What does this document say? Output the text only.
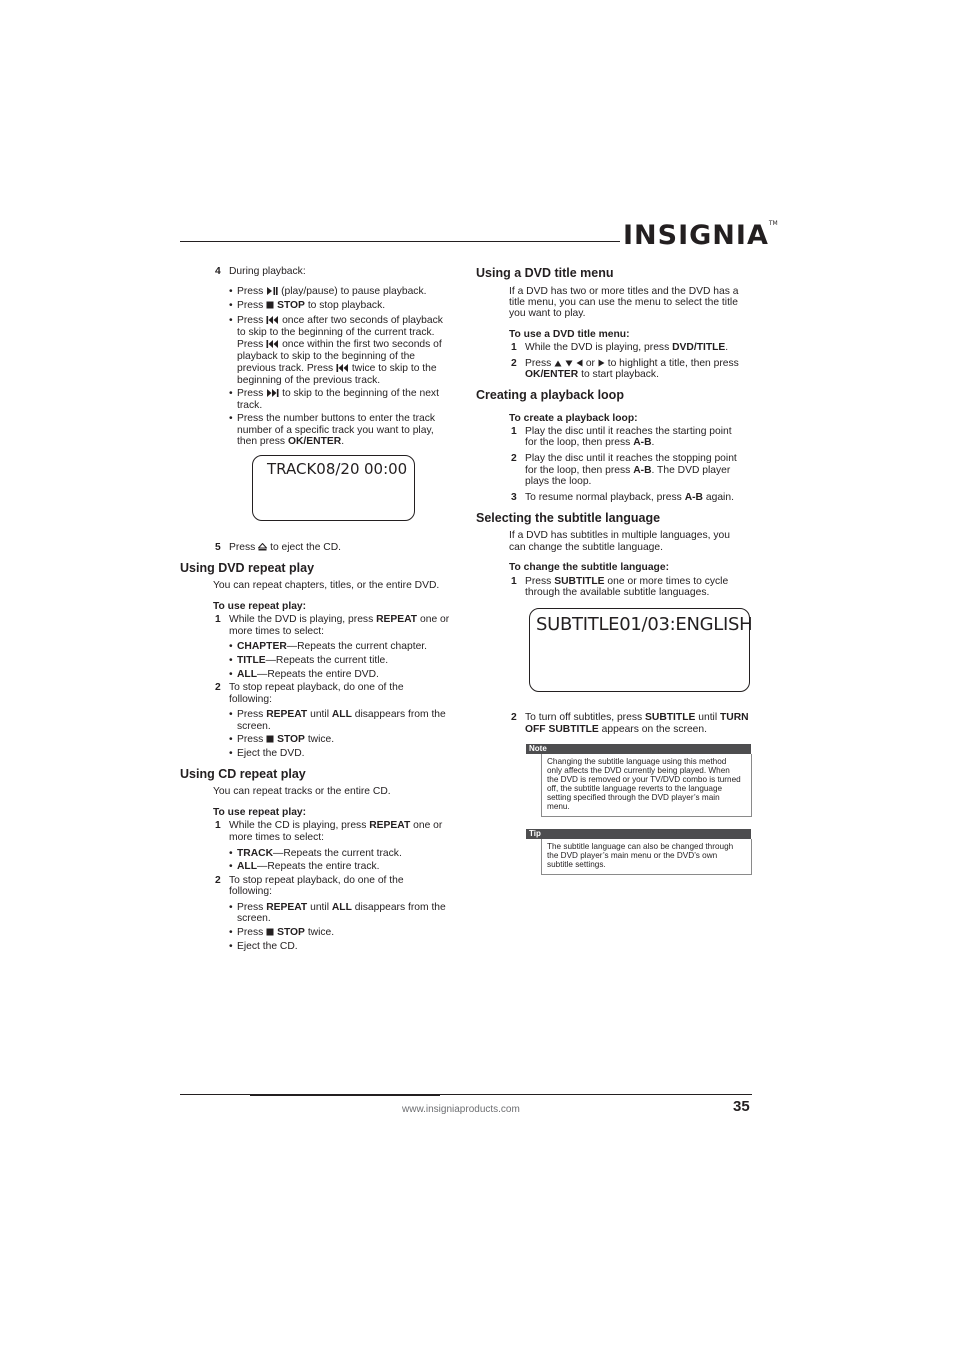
INSIGNIA™
4 During playback:
• Press (play/pause) to pause playback.
• Press STOP to stop playback.
• Press once after two seconds of playback
to skip to the beginning of the current track.
Press once within the first two seconds of
playback to skip to the beginning of the
previous track. Press twice to skip to the
beginning of the previous track.
• Press to skip to the beginning of the next
track.
• Press the number buttons to enter the track
number of a specific track you want to play,
then press OK/ENTER.
TRACK08/20 00:00
5 Press to eject the CD.
Using DVD repeat play
You can repeat chapters, titles, or the entire DVD.
To use repeat play:
1 While the DVD is playing, press REPEAT one or
more times to select:
• CHAPTER—Repeats the current chapter.
• TITLE—Repeats the current title.
• ALL—Repeats the entire DVD.
2 To stop repeat playback, do one of the
following:
• Press REPEAT until ALL disappears from the
screen.
• Press STOP twice.
• Eject the DVD.
Using CD repeat play
You can repeat tracks or the entire CD.
To use repeat play:
1 While the CD is playing, press REPEAT one or
more times to select:
• TRACK—Repeats the current track.
• ALL—Repeats the entire track.
2 To stop repeat playback, do one of the
following:
• Press REPEAT until ALL disappears from the
screen.
• Press STOP twice.
• Eject the CD.
Using a DVD title menu
If a DVD has two or more titles and the DVD has a
title menu, you can use the menu to select the title
you want to play.
To use a DVD title menu:
1 While the DVD is playing, press DVD/TITLE.
2 Press	or to highlight a title, then press
OK/ENTER to start playback.
Creating a playback loop
To create a playback loop:
1 Play the disc until it reaches the starting point
for the loop, then press A-B.
2 Play the disc until it reaches the stopping point
for the loop, then press A-B. The DVD player
plays the loop.
3 To resume normal playback, press A-B again.
Selecting the subtitle language
If a DVD has subtitles in multiple languages, you
can change the subtitle language.
To change the subtitle language:
1 Press SUBTITLE one or more times to cycle
through the available subtitle languages.
SUBTITLE01/03:ENGLISH
2 To turn off subtitles, press SUBTITLE until TURN
OFF SUBTITLE appears on the screen.
Note
Changing the subtitle language using this method
only affects the DVD currently being played. When
the DVD is removed or your TV/DVD combo is turned
off, the subtitle language reverts to the language
setting specified through the DVD player’s main
menu.
Tip
The subtitle language can also be changed through
the DVD player’s main menu or the DVD’s own
subtitle settings.
www.insigniaproducts.com	35
